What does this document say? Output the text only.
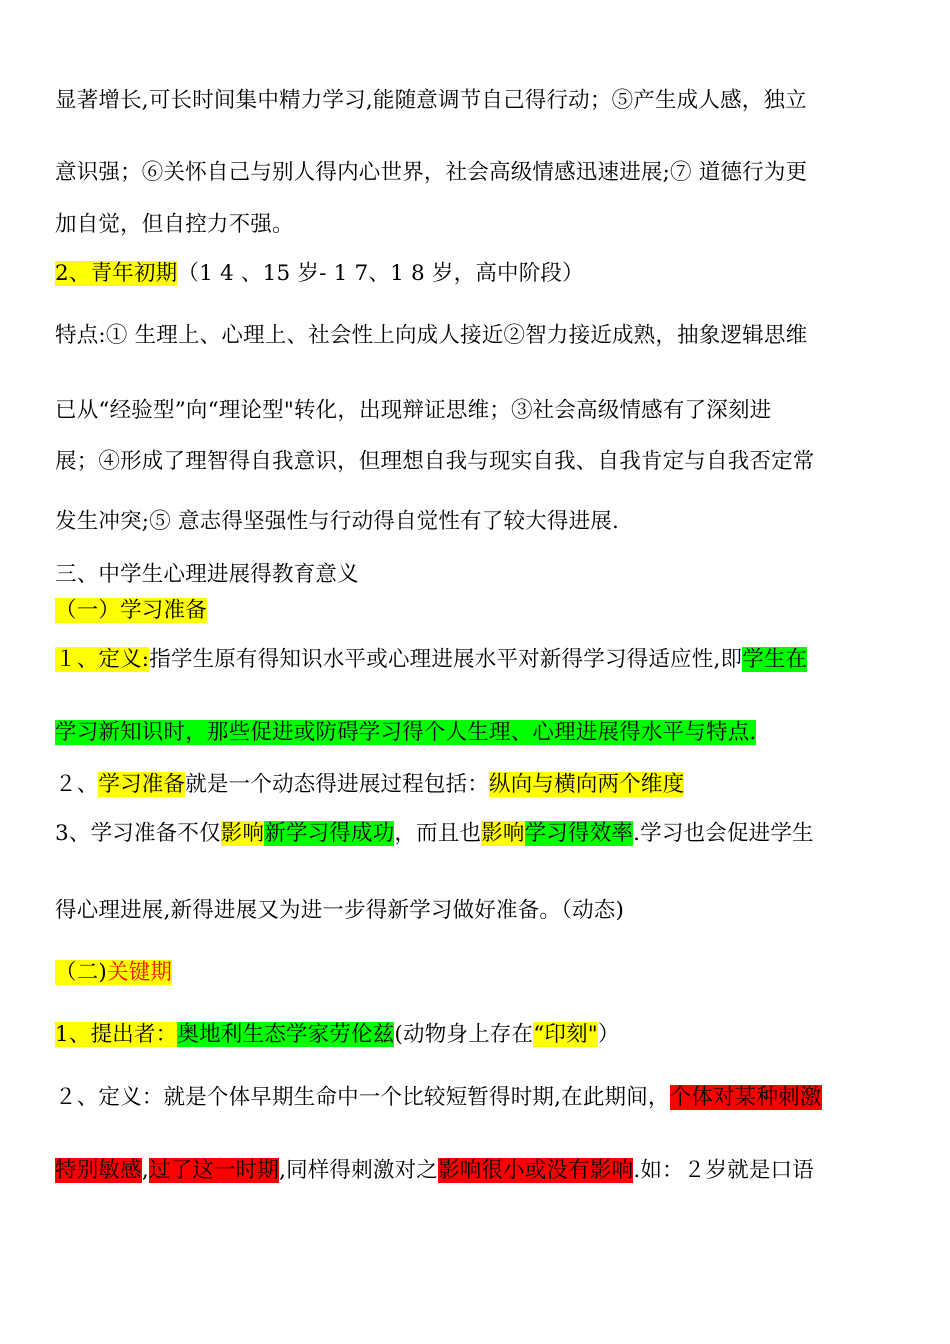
显著增长,可长时间集中精力学习,能随意调节自己得行动；⑤产生成人感，独立
意识强；⑥关怀自己与别人得内心世界，社会高级情感迅速进展;⑦ 道德行为更
加自觉，但自控力不强。
2、青年初期（1 4 、15 岁- 1 7、1 8 岁，高中阶段）
特点:① 生理上、心理上、社会性上向成人接近②智力接近成熟，抽象逻辑思维
已从“经验型”向“理论型"转化，出现辩证思维；③社会高级情感有了深刻进
展；④形成了理智得自我意识，但理想自我与现实自我、自我肯定与自我否定常
发生冲突;⑤ 意志得坚强性与行动得自觉性有了较大得进展.
三、中学生心理进展得教育意义
（一）学习准备
１、定义:指学生原有得知识水平或心理进展水平对新得学习得适应性,即学生在
学习新知识时，那些促进或防碍学习得个人生理、心理进展得水平与特点.
２、学习准备就是一个动态得进展过程包括：纵向与横向两个维度
3、学习准备不仅影响新学习得成功，而且也影响学习得效率.学习也会促进学生
得心理进展,新得进展又为进一步得新学习做好准备。（动态)
（二)关键期
1、提出者：奥地利生态学家劳伦兹(动物身上存在“印刻"）
２、定义：就是个体早期生命中一个比较短暂得时期,在此期间，个体对某种刺激
特别敏感,过了这一时期,同样得刺激对之影响很小或没有影响.如：２岁就是口语
